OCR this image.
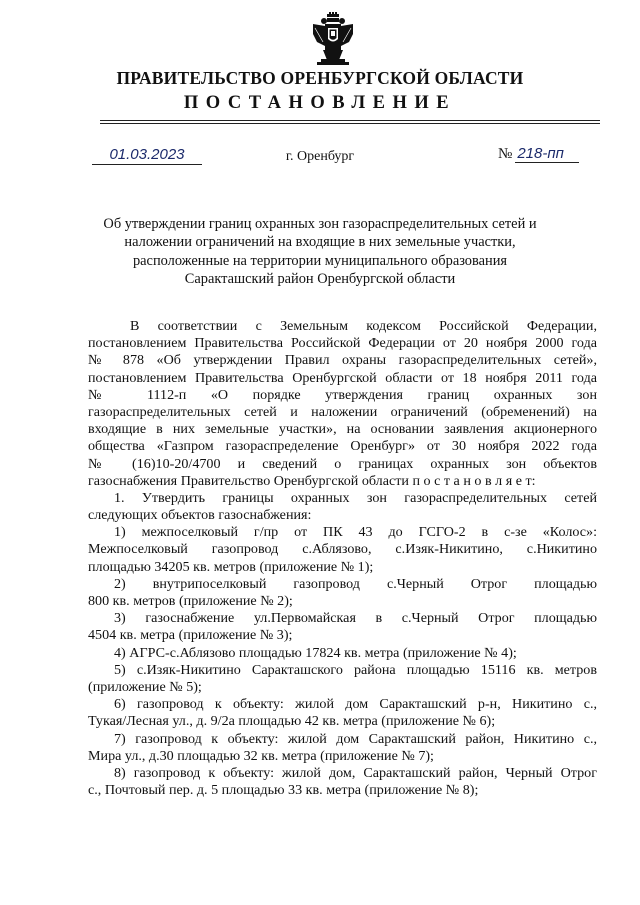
ПРАВИТЕЛЬСТВО ОРЕНБУРГСКОЙ ОБЛАСТИ
ПОСТАНОВЛЕНИЕ
01.03.2023	г. Оренбург	№ 218-пп
Об утверждении границ охранных зон газораспределительных сетей и
наложении ограничений на входящие в них земельные участки,
расположенные на территории муниципального образования
Саракташский район Оренбургской области
В соответствии с Земельным кодексом Российской Федерации,
постановлением Правительства Российской Федерации от 20 ноября 2000 года
№ 878 «Об утверждении Правил охраны газораспределительных сетей»,
постановлением Правительства Оренбургской области от 18 ноября 2011 года
№ 1112-п «О порядке утверждения границ охранных зон
газораспределительных сетей и наложении ограничений (обременений) на
входящие в них земельные участки», на основании заявления акционерного
общества «Газпром газораспределение Оренбург» от 30 ноября 2022 года
№ (16)10-20/4700 и сведений о границах охранных зон объектов
газоснабжения Правительство Оренбургской области п о с т а н о в л я е т:
1. Утвердить границы охранных зон газораспределительных сетей
следующих объектов газоснабжения:
1) межпоселковый г/пр от ПК 43 до ГСГО-2 в с-зе «Колос»:
Межпоселковый газопровод с.Аблязово, с.Изяк-Никитино, с.Никитино
площадью 34205 кв. метров (приложение № 1);
2) внутрипоселковый газопровод с.Черный Отрог площадью
800 кв. метров (приложение № 2);
3) газоснабжение ул.Первомайская в с.Черный Отрог площадью
4504 кв. метра (приложение № 3);
4) АГРС-с.Аблязово площадью 17824 кв. метра (приложение № 4);
5) с.Изяк-Никитино Саракташского района площадью 15116 кв. метров
(приложение № 5);
6) газопровод к объекту: жилой дом Саракташский р-н, Никитино с.,
Тукая/Лесная ул., д. 9/2а площадью 42 кв. метра (приложение № 6);
7) газопровод к объекту: жилой дом Саракташский район, Никитино с.,
Мира ул., д.30 площадью 32 кв. метра (приложение № 7);
8) газопровод к объекту: жилой дом, Саракташский район, Черный Отрог
с., Почтовый пер. д. 5 площадью 33 кв. метра (приложение № 8);
